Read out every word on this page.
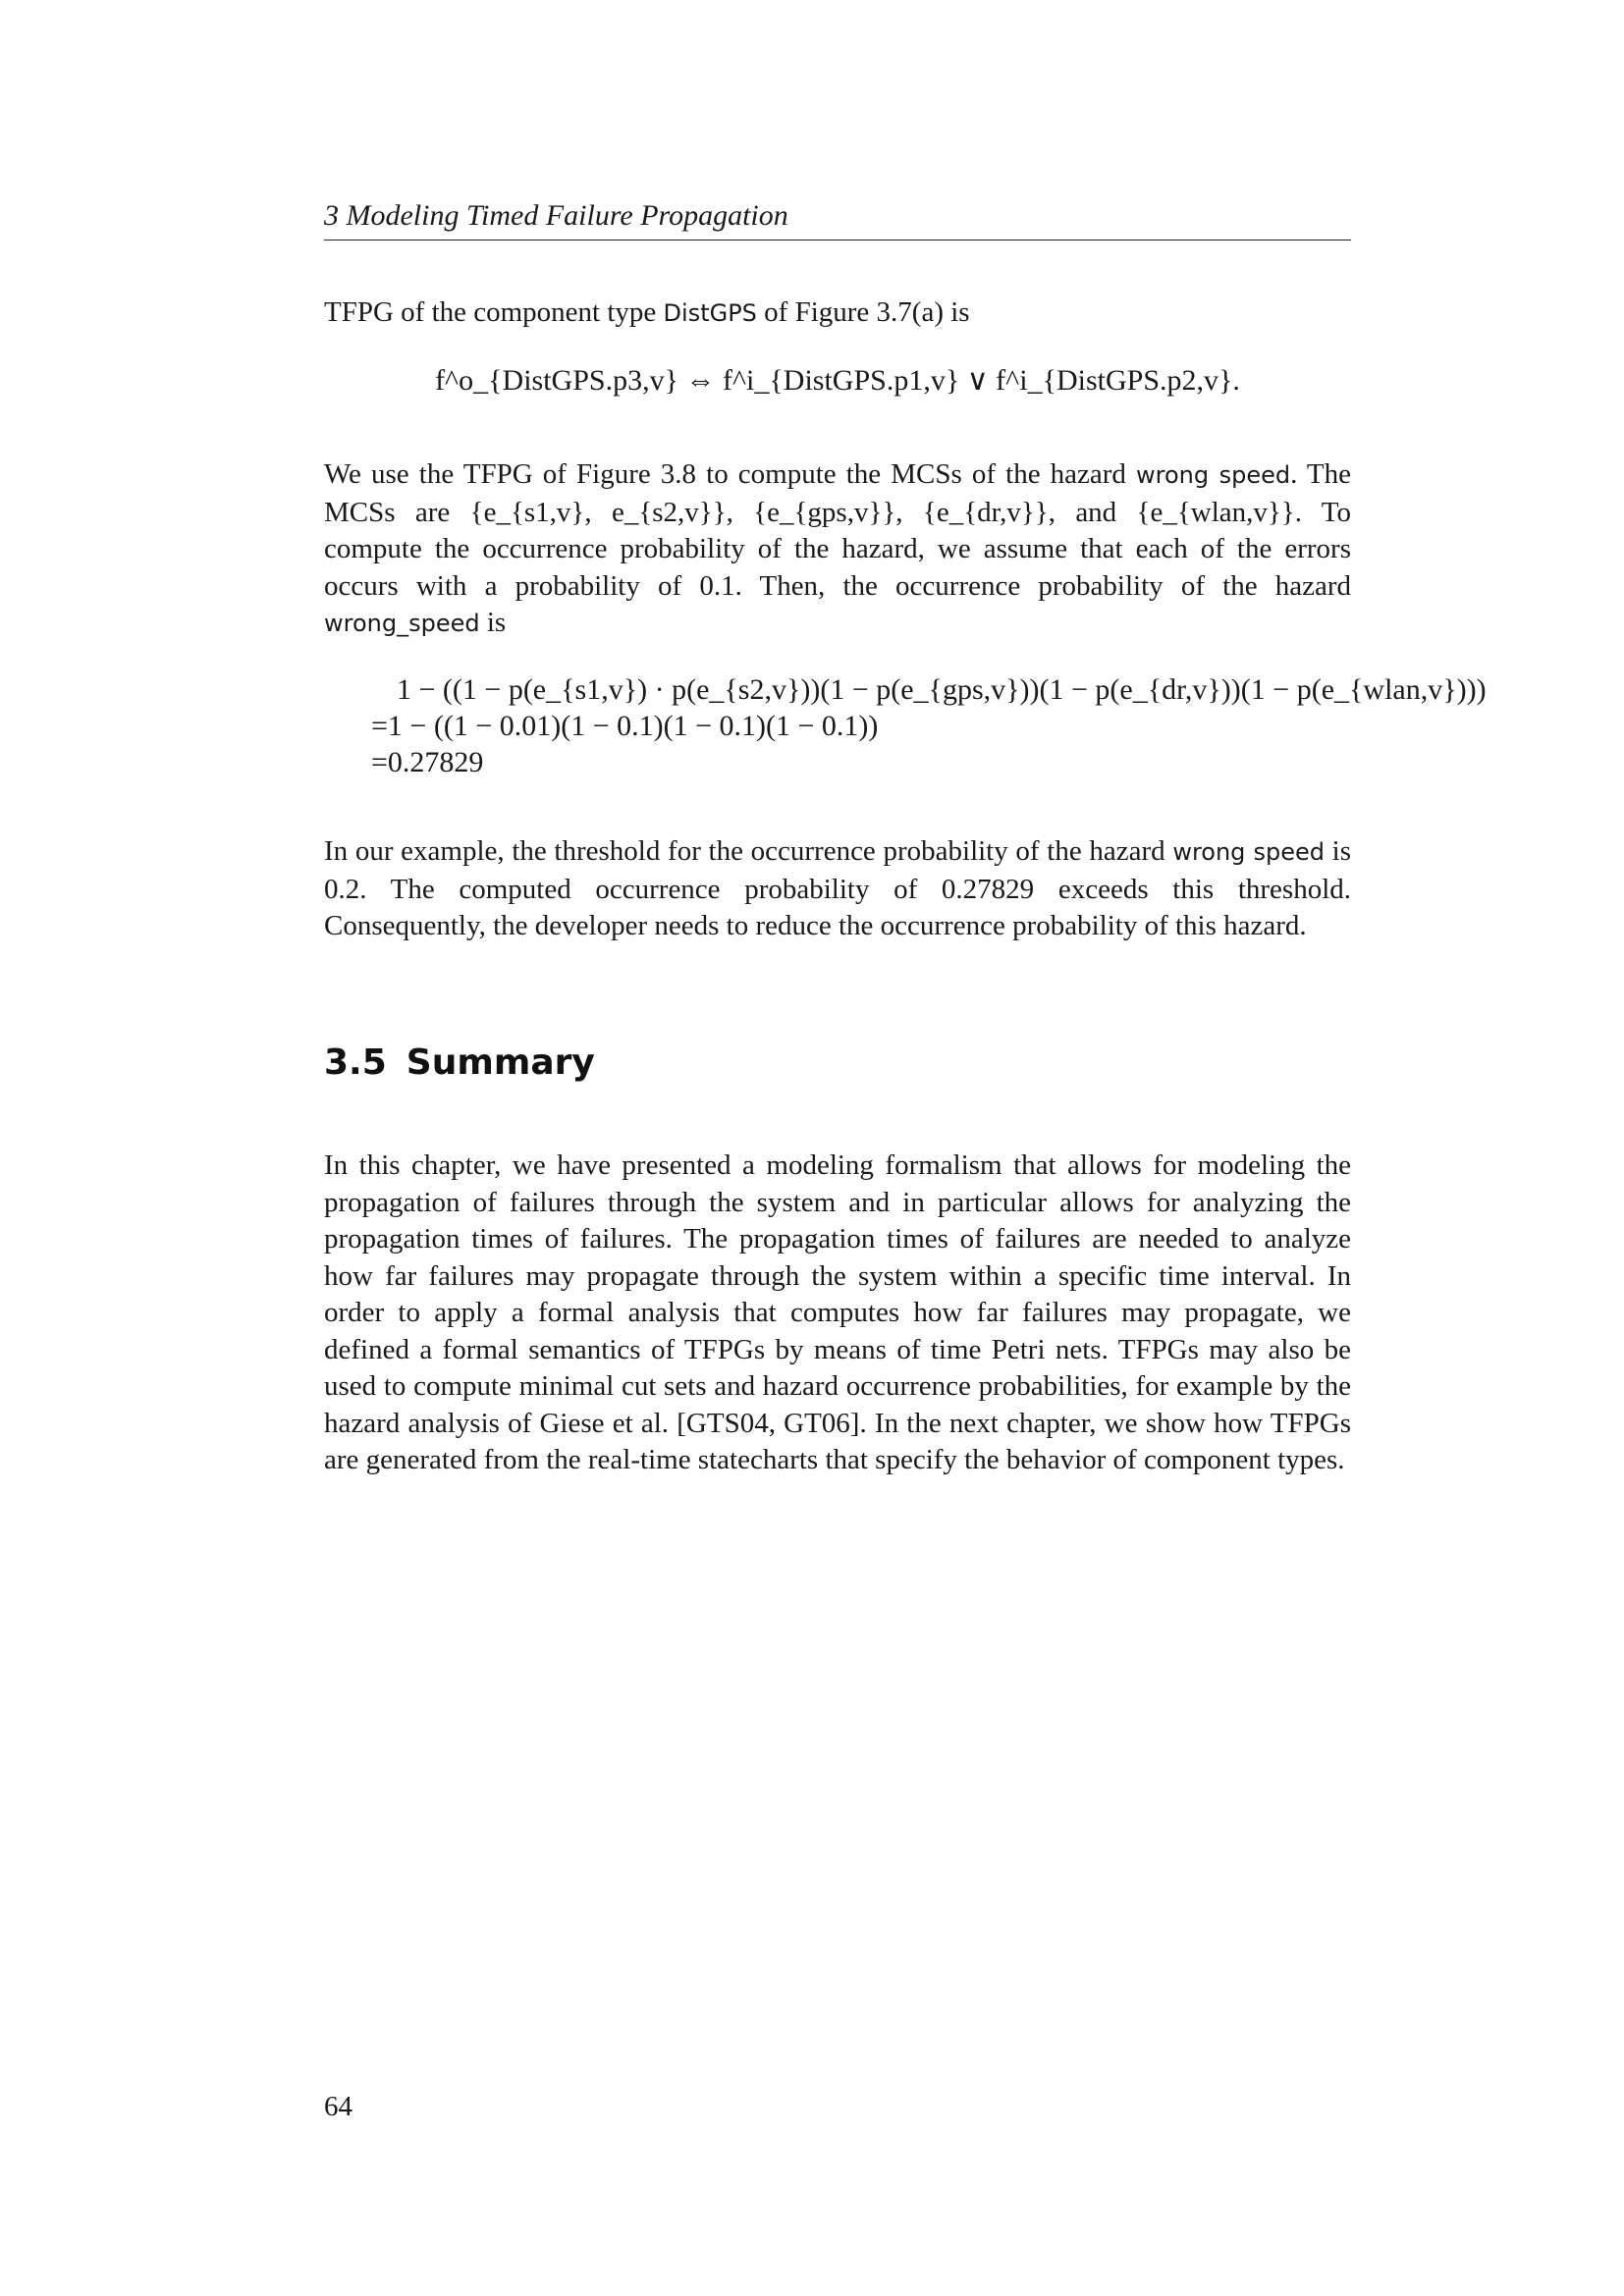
3 Modeling Timed Failure Propagation
TFPG of the component type DistGPS of Figure 3.7(a) is
f^o_{DistGPS.p3,v} ⇔ f^i_{DistGPS.p1,v} ∨ f^i_{DistGPS.p2,v}.
We use the TFPG of Figure 3.8 to compute the MCSs of the hazard wrong speed. The MCSs are {e_{s1,v}, e_{s2,v}}, {e_{gps,v}}, {e_{dr,v}}, and {e_{wlan,v}}. To compute the occurrence probability of the hazard, we assume that each of the errors occurs with a probability of 0.1. Then, the occurrence probability of the hazard wrong_speed is
1 − ((1 − p(e_{s1,v}) · p(e_{s2,v}))(1 − p(e_{gps,v}))(1 − p(e_{dr,v}))(1 − p(e_{wlan,v})))
=1 − ((1 − 0.01)(1 − 0.1)(1 − 0.1)(1 − 0.1))
=0.27829
In our example, the threshold for the occurrence probability of the hazard wrong speed is 0.2. The computed occurrence probability of 0.27829 exceeds this threshold. Consequently, the developer needs to reduce the occurrence probability of this hazard.
3.5 Summary
In this chapter, we have presented a modeling formalism that allows for modeling the propagation of failures through the system and in particular allows for analyzing the propagation times of failures. The propagation times of failures are needed to analyze how far failures may propagate through the system within a specific time interval. In order to apply a formal analysis that computes how far failures may propagate, we defined a formal semantics of TFPGs by means of time Petri nets. TFPGs may also be used to compute minimal cut sets and hazard occurrence probabilities, for example by the hazard analysis of Giese et al. [GTS04, GT06]. In the next chapter, we show how TFPGs are generated from the real-time statecharts that specify the behavior of component types.
64
